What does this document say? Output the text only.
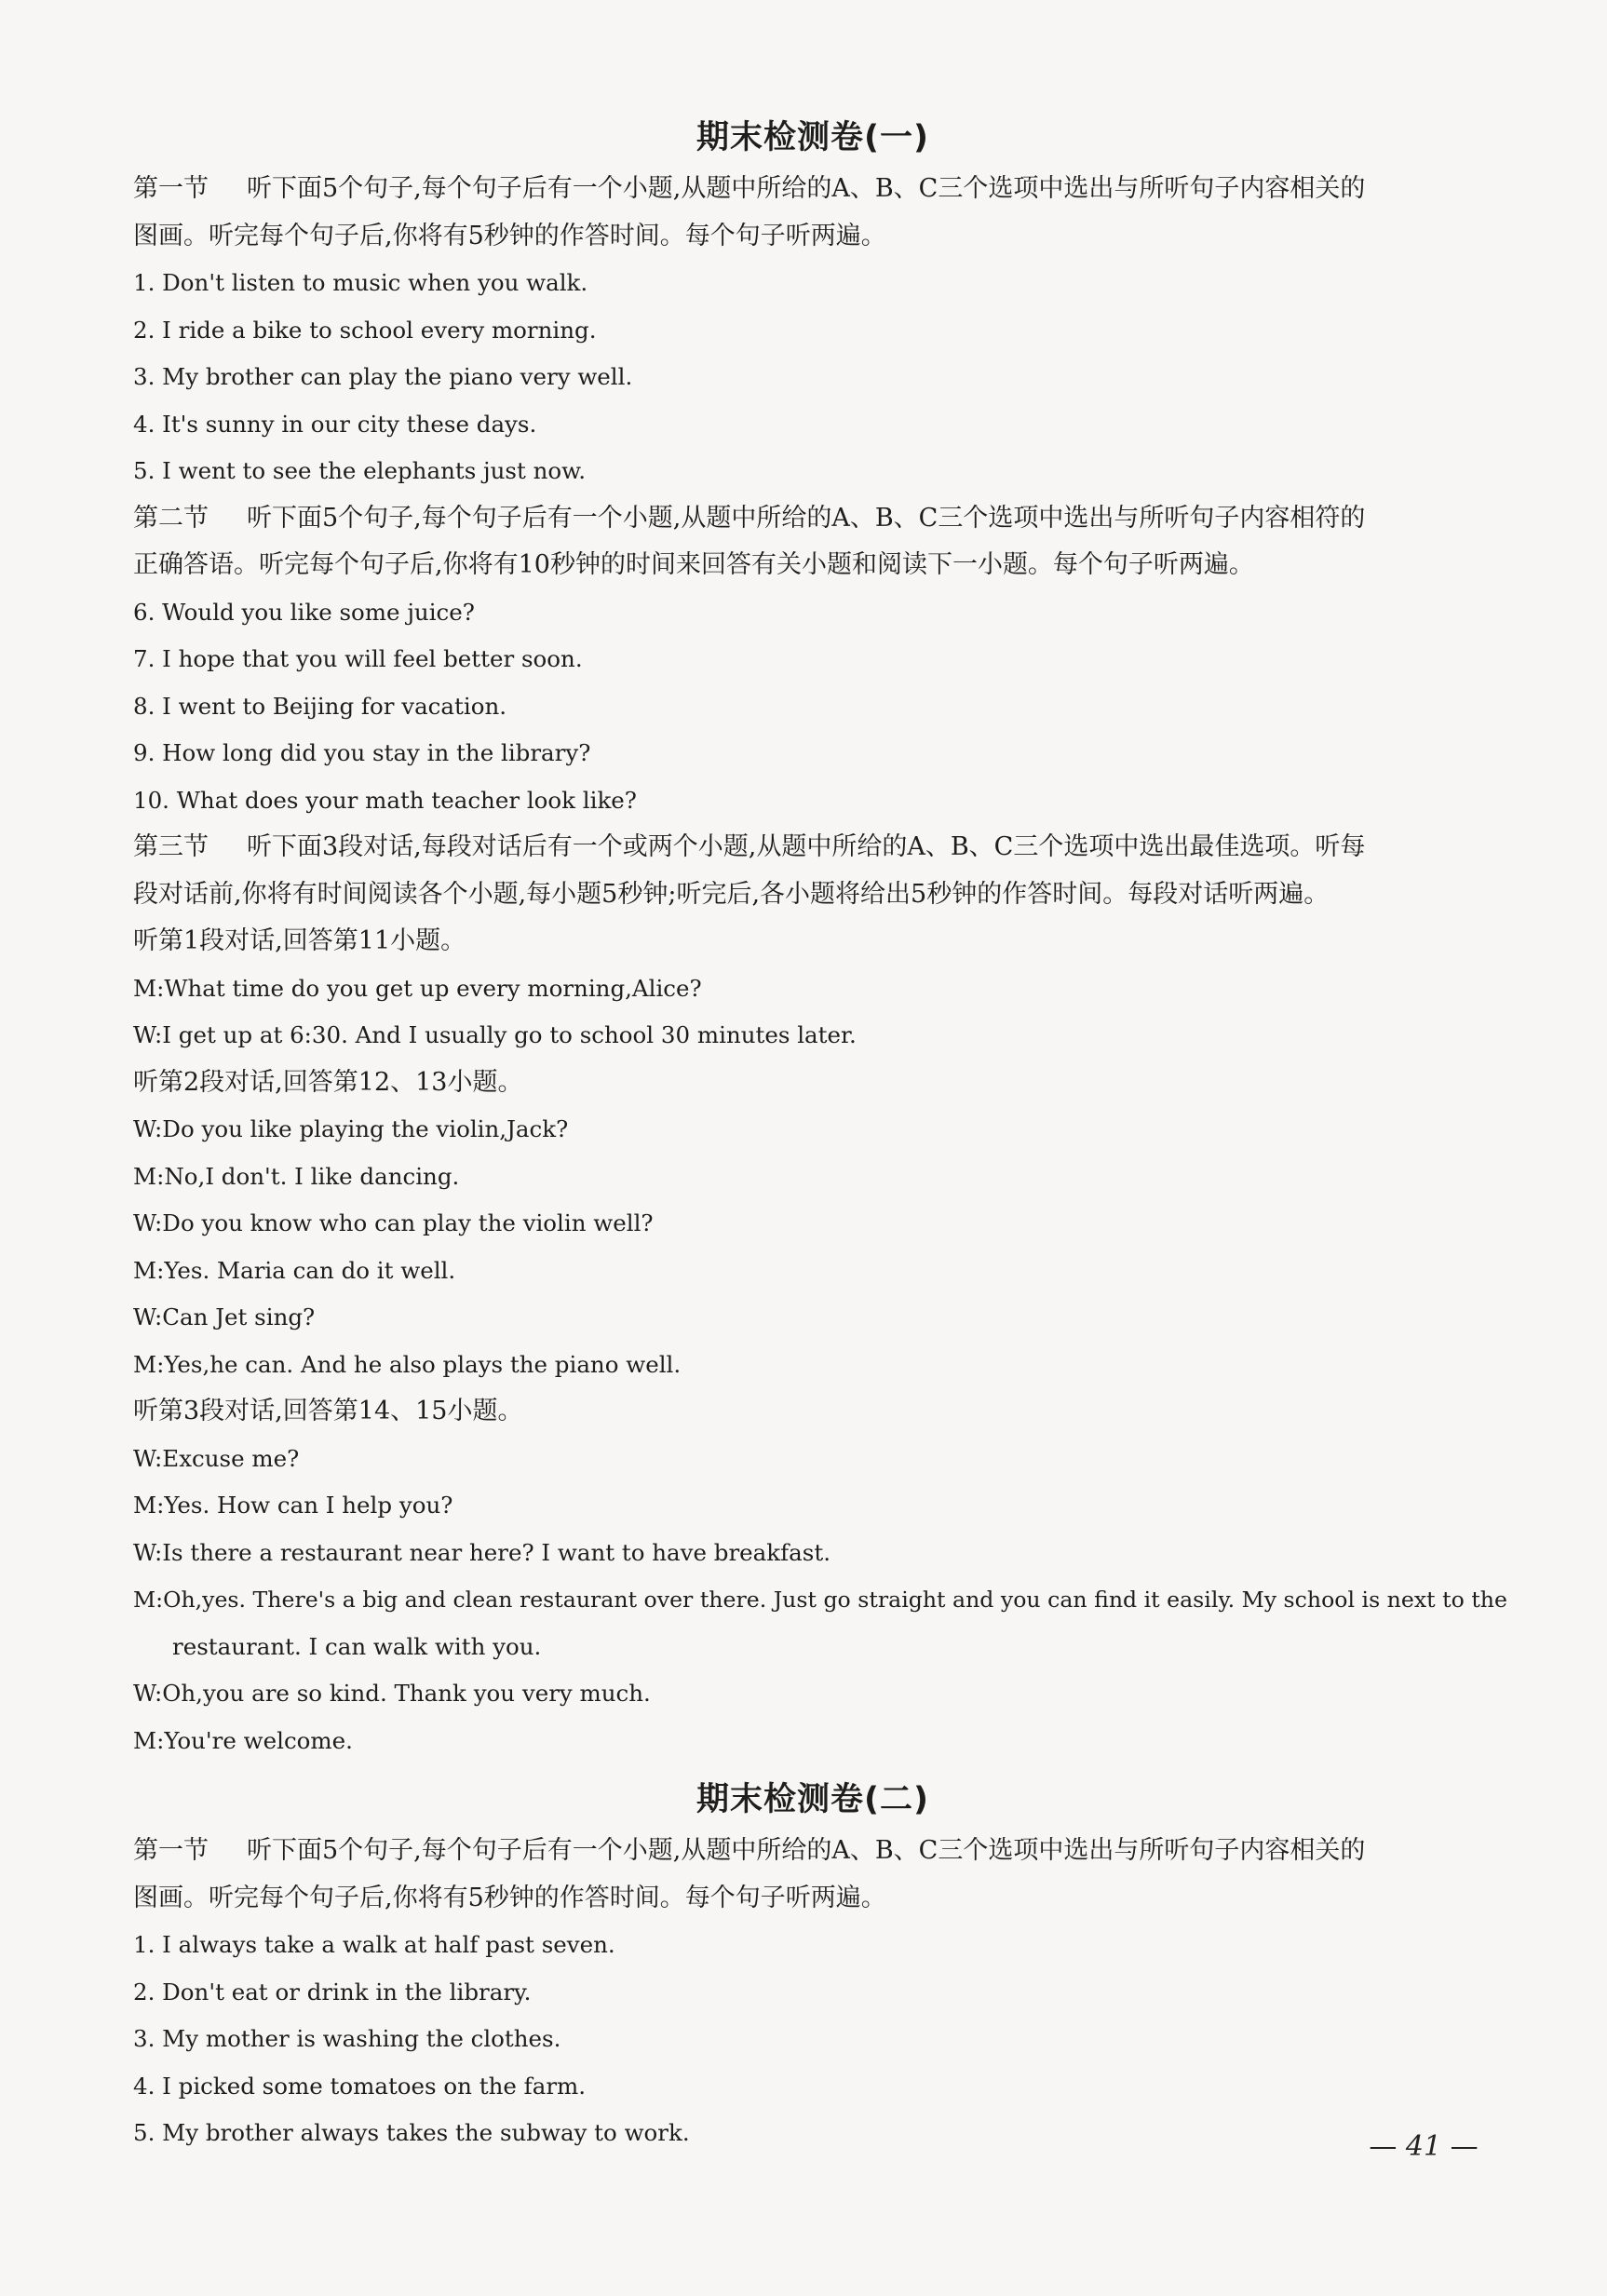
期末检测卷(一)

第一节 听下面5个句子,每个句子后有一个小题,从题中所给的A、B、C三个选项中选出与所听句子内容相关的

图画。听完每个句子后,你将有5秒钟的作答时间。每个句子听两遍。

1. Don't listen to music when you walk.

2. I ride a bike to school every morning.

3. My brother can play the piano very well.

4. It's sunny in our city these days.

5. I went to see the elephants just now.

第二节 听下面5个句子,每个句子后有一个小题,从题中所给的A、B、C三个选项中选出与所听句子内容相符的

正确答语。听完每个句子后,你将有10秒钟的时间来回答有关小题和阅读下一小题。每个句子听两遍。

6. Would you like some juice?

7. I hope that you will feel better soon.

8. I went to Beijing for vacation.

9. How long did you stay in the library?

10. What does your math teacher look like?

第三节 听下面3段对话,每段对话后有一个或两个小题,从题中所给的A、B、C三个选项中选出最佳选项。听每

段对话前,你将有时间阅读各个小题,每小题5秒钟;听完后,各小题将给出5秒钟的作答时间。每段对话听两遍。

听第1段对话,回答第11小题。

M:What time do you get up every morning,Alice?

W:I get up at 6:30. And I usually go to school 30 minutes later.

听第2段对话,回答第12、13小题。

W:Do you like playing the violin,Jack?

M:No,I don't. I like dancing.

W:Do you know who can play the violin well?

M:Yes. Maria can do it well.

W:Can Jet sing?

M:Yes,he can. And he also plays the piano well.

听第3段对话,回答第14、15小题。

W:Excuse me?

M:Yes. How can I help you?

W:Is there a restaurant near here? I want to have breakfast.

M:Oh,yes. There's a big and clean restaurant over there. Just go straight and you can find it easily. My school is next to the

restaurant. I can walk with you.

W:Oh,you are so kind. Thank you very much.

M:You're welcome.

期末检测卷(二)

第一节 听下面5个句子,每个句子后有一个小题,从题中所给的A、B、C三个选项中选出与所听句子内容相关的

图画。听完每个句子后,你将有5秒钟的作答时间。每个句子听两遍。

1. I always take a walk at half past seven.

2. Don't eat or drink in the library.

3. My mother is washing the clothes.

4. I picked some tomatoes on the farm.

5. My brother always takes the subway to work.	— 41 —
